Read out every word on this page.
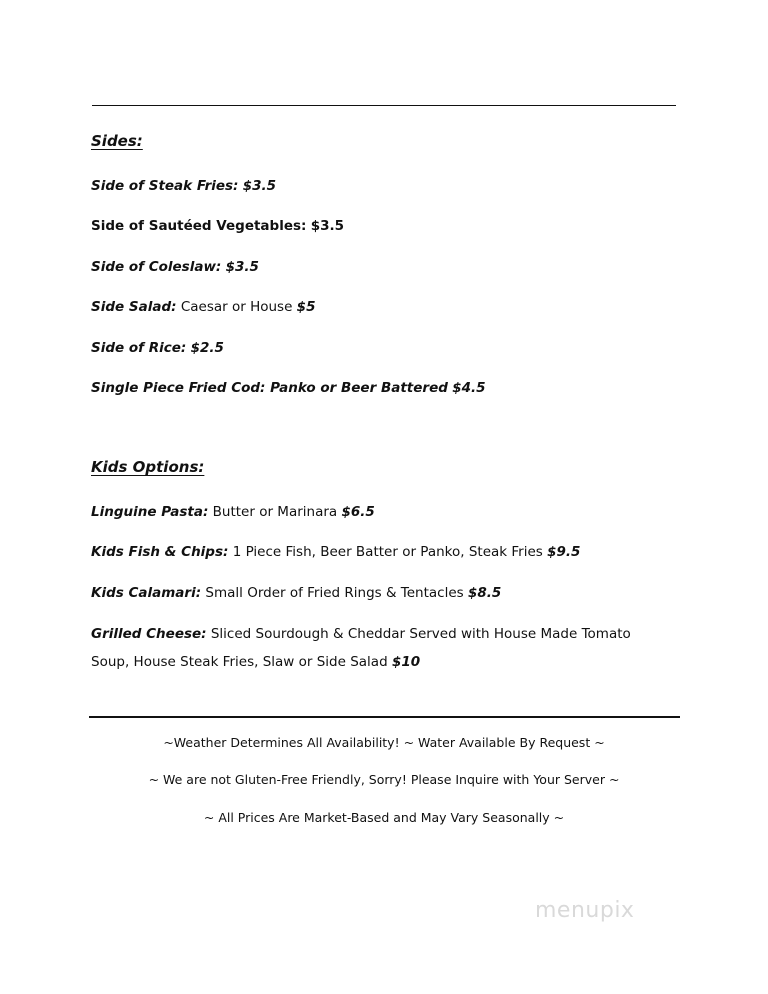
Sides:
Side of Steak Fries: $3.5
Side of Sautéed Vegetables: $3.5
Side of Coleslaw: $3.5
Side Salad: Caesar or House $5
Side of Rice: $2.5
Single Piece Fried Cod: Panko or Beer Battered $4.5
Kids Options:
Linguine Pasta: Butter or Marinara $6.5
Kids Fish & Chips: 1 Piece Fish, Beer Batter or Panko, Steak Fries $9.5
Kids Calamari: Small Order of Fried Rings & Tentacles $8.5
Grilled Cheese: Sliced Sourdough & Cheddar Served with House Made Tomato Soup, House Steak Fries, Slaw or Side Salad $10
~Weather Determines All Availability! ~ Water Available By Request ~
~ We are not Gluten-Free Friendly, Sorry! Please Inquire with Your Server ~
~ All Prices Are Market-Based and May Vary Seasonally ~
menupix
